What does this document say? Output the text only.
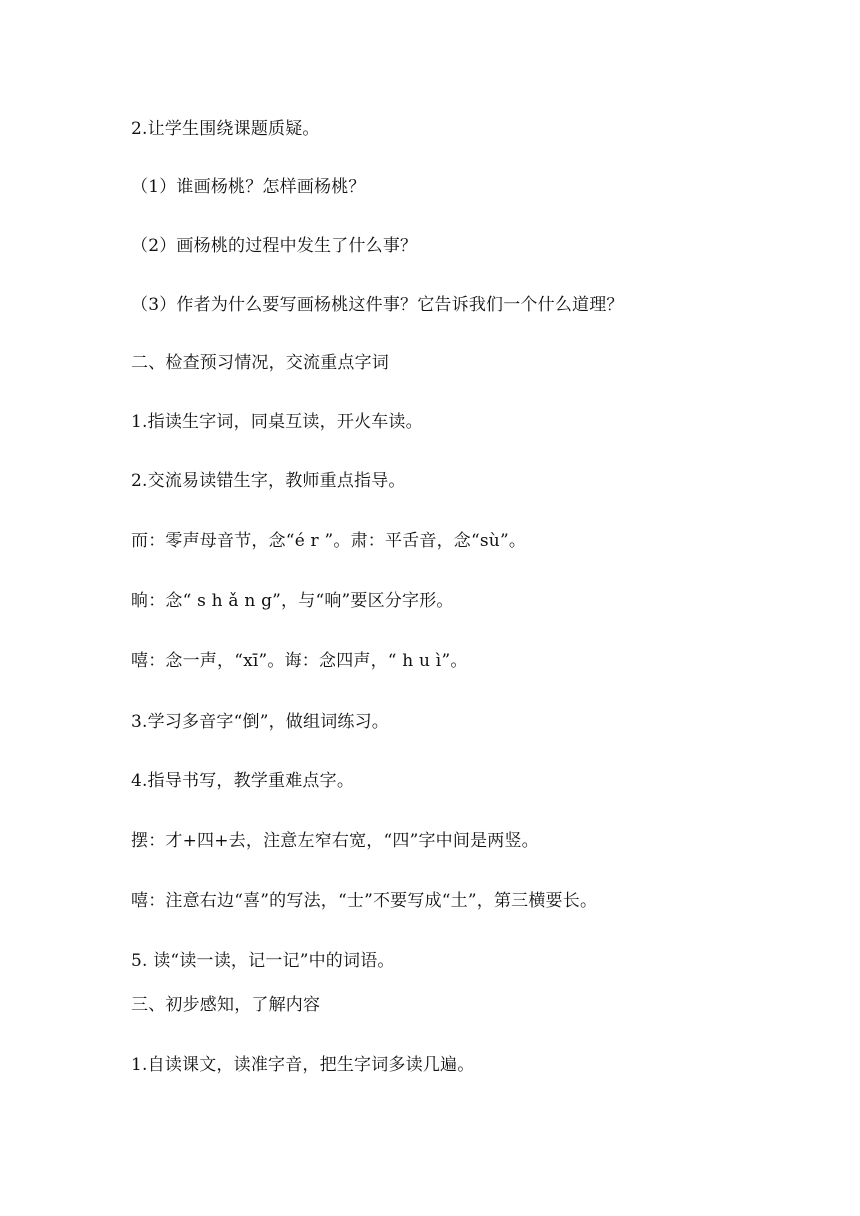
2.让学生围绕课题质疑。
（1）谁画杨桃？怎样画杨桃？
（2）画杨桃的过程中发生了什么事？
（3）作者为什么要写画杨桃这件事？它告诉我们一个什么道理？
二、检查预习情况，交流重点字词
1.指读生字词，同桌互读，开火车读。
2.交流易读错生字，教师重点指导。
而：零声母音节，念“é r ”。肃：平舌音，念“sù”。
晌：念“ s h ǎ n g”，与“响”要区分字形。
嘻：念一声，“xī”。诲：念四声，“ h u ì”。
3.学习多音字“倒”，做组词练习。
4.指导书写，教学重难点字。
摆：才+四+去，注意左窄右宽，“四”字中间是两竖。
嘻：注意右边“喜”的写法，“士”不要写成“土”，第三横要长。
5. 读“读一读，记一记”中的词语。
三、初步感知，了解内容
1.自读课文，读准字音，把生字词多读几遍。
